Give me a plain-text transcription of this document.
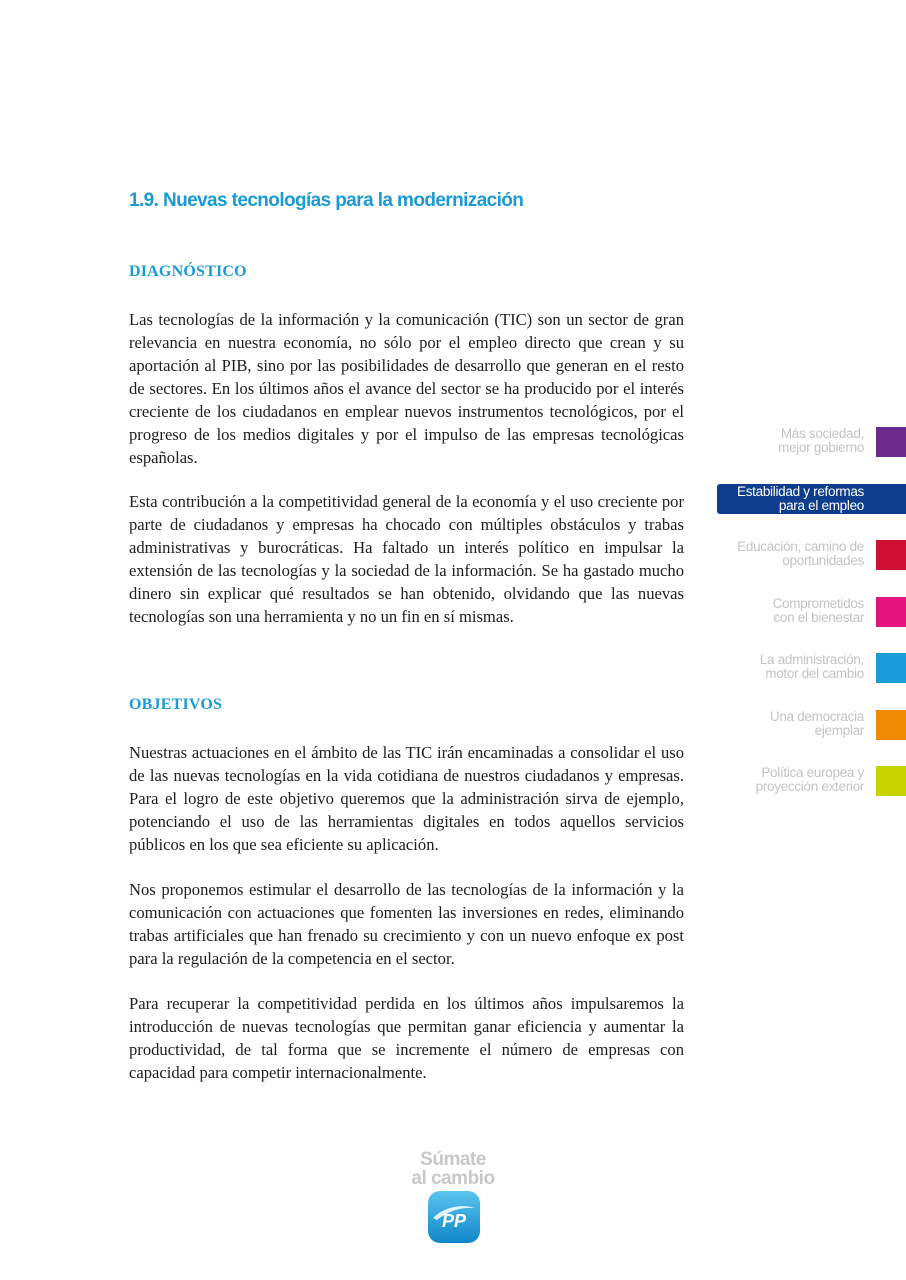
1.9. Nuevas tecnologías para la modernización
DIAGNÓSTICO

Las tecnologías de la información y la comunicación (TIC) son un sector de gran relevancia en nuestra economía, no sólo por el empleo directo que crean y su aportación al PIB, sino por las posibilidades de desarrollo que generan en el resto de sectores. En los últimos años el avance del sector se ha producido por el interés creciente de los ciudadanos en emplear nuevos instrumentos tecnológicos, por el progreso de los medios digitales y por el impulso de las empresas tecnológicas españolas.

Esta contribución a la competitividad general de la economía y el uso creciente por parte de ciudadanos y empresas ha chocado con múltiples obstáculos y trabas administrativas y burocráticas. Ha faltado un interés político en impulsar la extensión de las tecnologías y la sociedad de la información. Se ha gastado mucho dinero sin explicar qué resultados se han obtenido, olvidando que las nuevas tecnologías son una herramienta y no un fin en sí mismas.

OBJETIVOS

Nuestras actuaciones en el ámbito de las TIC irán encaminadas a consolidar el uso de las nuevas tecnologías en la vida cotidiana de nuestros ciudadanos y empresas. Para el logro de este objetivo queremos que la administración sirva de ejemplo, potenciando el uso de las herramientas digitales en todos aquellos servicios públicos en los que sea eficiente su aplicación.

Nos proponemos estimular el desarrollo de las tecnologías de la información y la comunicación con actuaciones que fomenten las inversiones en redes, eliminando trabas artificiales que han frenado su crecimiento y con un nuevo enfoque ex post para la regulación de la competencia en el sector.

Para recuperar la competitividad perdida en los últimos años impulsaremos la introducción de nuevas tecnologías que permitan ganar eficiencia y aumentar la productividad, de tal forma que se incremente el número de empresas con capacidad para competir internacionalmente.

Más sociedad,
mejor gobierno
Estabilidad y reformas
para el empleo
Educación, camino de
oportunidades
Comprometidos
con el bienestar
La administración,
motor del cambio
Una democracia
ejemplar
Política europea y
proyección exterior
Súmate
al cambio
PP
